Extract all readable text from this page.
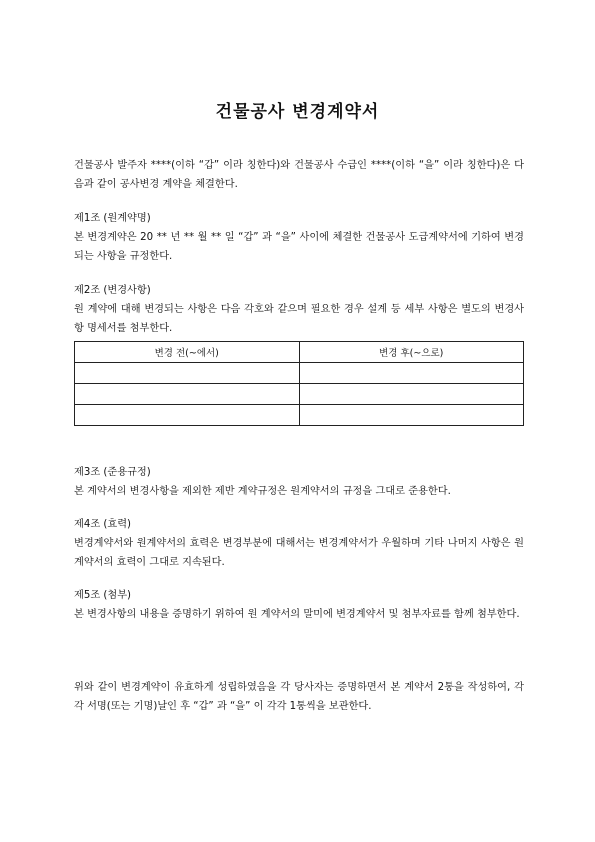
건물공사 변경계약서

건물공사 발주자 ****(이하 “갑” 이라 칭한다)와 건물공사 수급인 ****(이하 “을” 이라 칭한다)은 다음과 같이 공사변경 계약을 체결한다.

제1조 (원계약명)

본 변경계약은 20 ** 년 ** 월 ** 일 “갑” 과 “을” 사이에 체결한 건물공사 도급계약서에 기하여 변경되는 사항을 규정한다.

제2조 (변경사항)

원 계약에 대해 변경되는 사항은 다음 각호와 같으며 필요한 경우 설계 등 세부 사항은 별도의 변경사항 명세서를 첨부한다.

변경 전(~에서)	변경 후(~으로)

제3조 (준용규정)

본 계약서의 변경사항을 제외한 제반 계약규정은 원계약서의 규정을 그대로 준용한다.

제4조 (효력)

변경계약서와 원계약서의 효력은 변경부분에 대해서는 변경계약서가 우월하며 기타 나머지 사항은 원계약서의 효력이 그대로 지속된다.

제5조 (첨부)

본 변경사항의 내용을 증명하기 위하여 원 계약서의 말미에 변경계약서 및 첨부자료를 함께 첨부한다.

위와 같이 변경계약이 유효하게 성립하였음을 각 당사자는 증명하면서 본 계약서 2통을 작성하여, 각각 서명(또는 기명)날인 후 “갑” 과 “을” 이 각각 1통씩을 보관한다.
